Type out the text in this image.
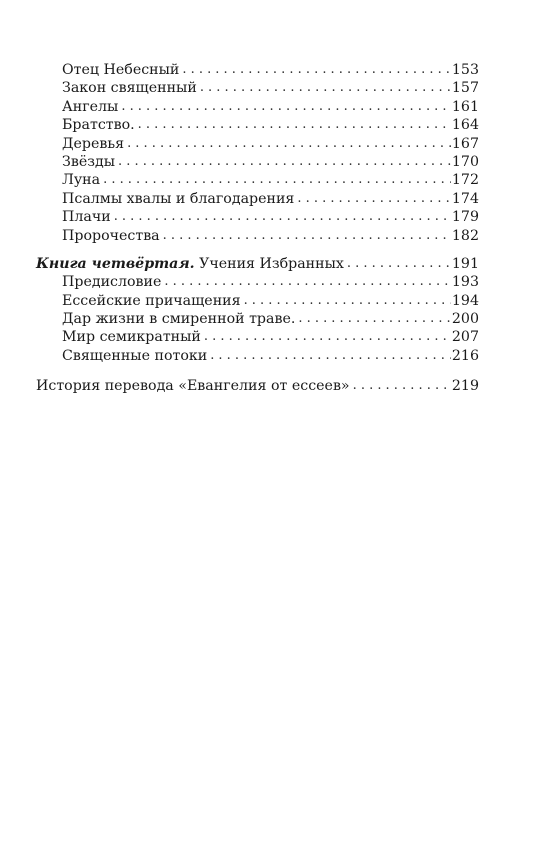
Отец Небесный .....	153
Закон священный .....	157
Ангелы .....	161
Братство. .....	164
Деревья .....	167
Звёзды .....	170
Луна .....	172
Псалмы хвалы и благодарения .....	174
Плачи .....	179
Пророчества .....	182
Книга четвёртая. Учения Избранных .....	191
Предисловие .....	193
Ессейские причащения .....	194
Дар жизни в смиренной траве. .....	200
Мир семикратный .....	207
Священные потоки .....	216
История перевода «Евангелия от ессеев» .....	219
